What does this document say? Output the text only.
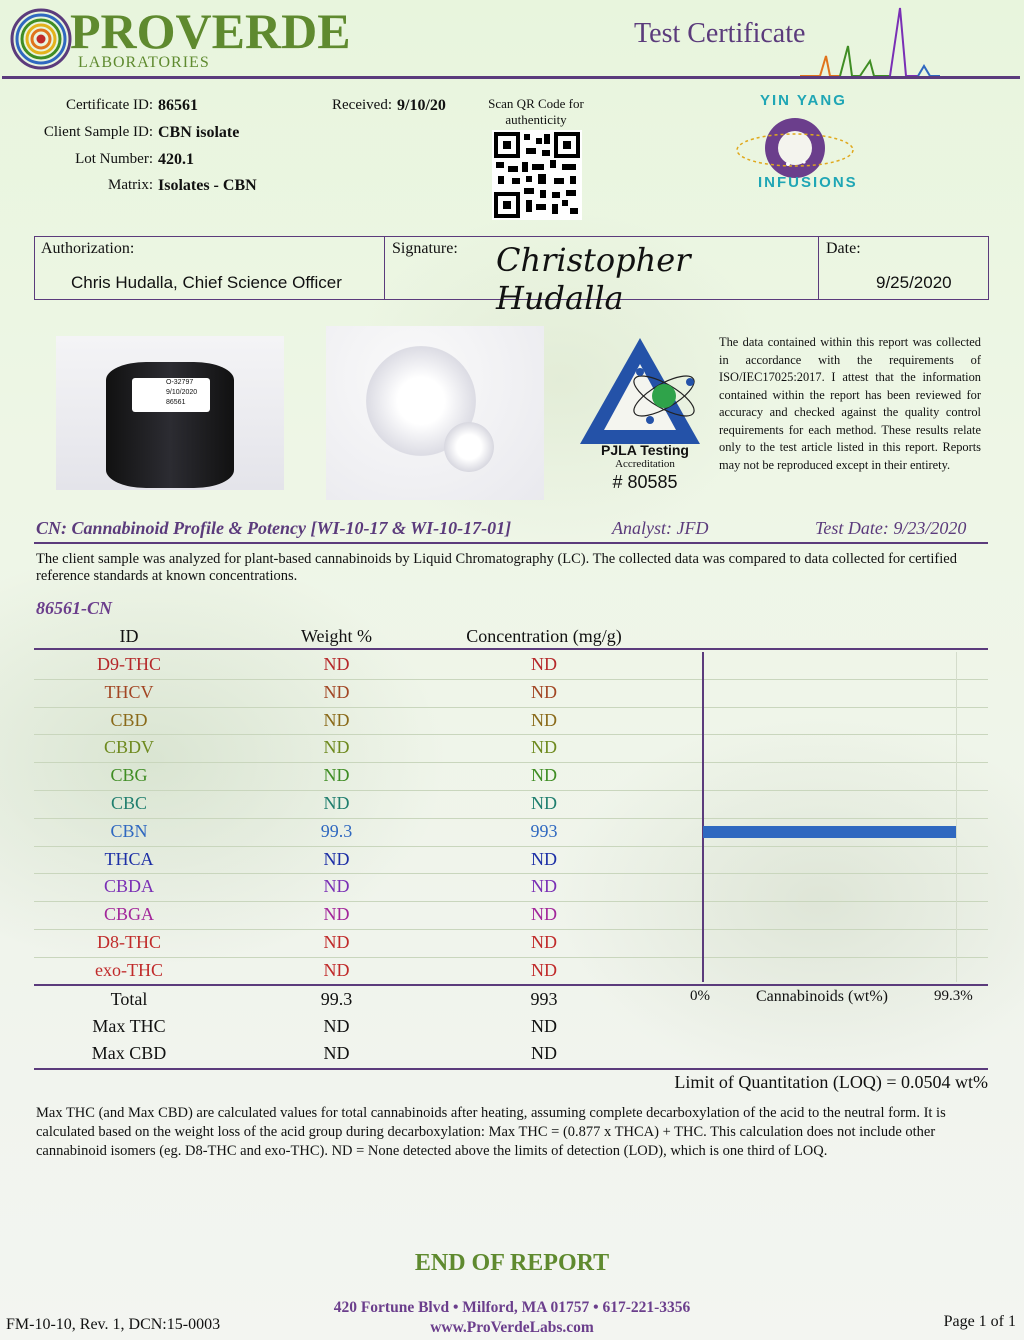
PROVERDE
LABORATORIES
Test Certificate
Certificate ID: 86561
Client Sample ID: CBN isolate
Lot Number: 420.1
Matrix: Isolates - CBN
Received: 9/10/20	Scan QR Code for authenticity
YIN YANG
INFUSIONS
Authorization:
Chris Hudalla, Chief Science Officer
Signature: Christopher Hudalla
Date:
9/25/2020
O-32797
9/10/2020
86561
PJLA Testing
Accreditation
# 80585
The data contained within this report was collected in accordance with the requirements of ISO/IEC17025:2017. I attest that the information contained within the report has been reviewed for accuracy and checked against the quality control requirements for each method. These results relate only to the test article listed in this report. Reports may not be reproduced except in their entirety.
CN: Cannabinoid Profile & Potency [WI-10-17 & WI-10-17-01]	Analyst: JFD	Test Date: 9/23/2020
The client sample was analyzed for plant-based cannabinoids by Liquid Chromatography (LC). The collected data was compared to data collected for certified reference standards at known concentrations.
86561-CN
ID	Weight %	Concentration (mg/g)
D9-THC	ND	ND
THCV	ND	ND
CBD	ND	ND
CBDV	ND	ND
CBG	ND	ND
CBC	ND	ND
CBN	99.3	993
THCA	ND	ND
CBDA	ND	ND
CBGA	ND	ND
D8-THC	ND	ND
exo-THC	ND	ND
Total	99.3	993
Max THC	ND	ND
Max CBD	ND	ND
0%	Cannabinoids (wt%)	99.3%
Limit of Quantitation (LOQ) = 0.0504 wt%
Max THC (and Max CBD) are calculated values for total cannabinoids after heating, assuming complete decarboxylation of the acid to the neutral form. It is calculated based on the weight loss of the acid group during decarboxylation: Max THC = (0.877 x THCA) + THC. This calculation does not include other cannabinoid isomers (eg. D8-THC and exo-THC). ND = None detected above the limits of detection (LOD), which is one third of LOQ.
END OF REPORT
420 Fortune Blvd • Milford, MA 01757 • 617-221-3356
www.ProVerdeLabs.com
FM-10-10, Rev. 1, DCN:15-0003	Page 1 of 1
